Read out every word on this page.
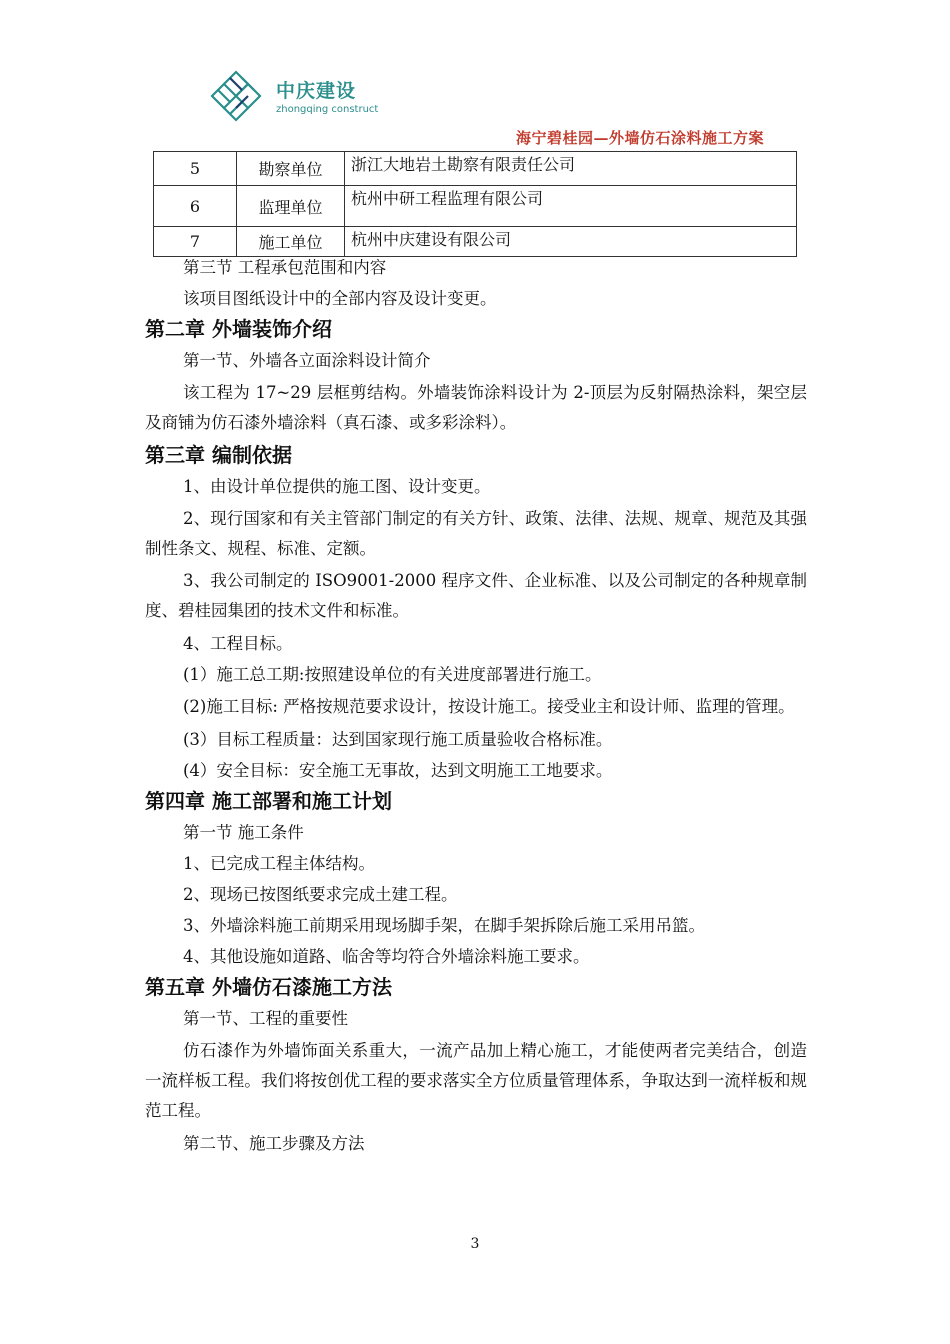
中庆建设
zhongqing construct
海宁碧桂园—外墙仿石涂料施工方案
5	勘察单位	浙江大地岩土勘察有限责任公司
6	监理单位	杭州中研工程监理有限公司
7	施工单位	杭州中庆建设有限公司
第三节 工程承包范围和内容
该项目图纸设计中的全部内容及设计变更。
第二章 外墙装饰介绍
第一节、外墙各立面涂料设计简介
该工程为 17~29 层框剪结构。外墙装饰涂料设计为 2-顶层为反射隔热涂料，架空层及商铺为仿石漆外墙涂料（真石漆、或多彩涂料）。
第三章 编制依据
1、由设计单位提供的施工图、设计变更。
2、现行国家和有关主管部门制定的有关方针、政策、法律、法规、规章、规范及其强制性条文、规程、标准、定额。
3、我公司制定的 ISO9001-2000 程序文件、企业标准、以及公司制定的各种规章制度、碧桂园集团的技术文件和标准。
4、工程目标。
(1）施工总工期:按照建设单位的有关进度部署进行施工。
(2)施工目标: 严格按规范要求设计，按设计施工。接受业主和设计师、监理的管理。
(3）目标工程质量：达到国家现行施工质量验收合格标准。
(4）安全目标：安全施工无事故，达到文明施工工地要求。
第四章 施工部署和施工计划
第一节 施工条件
1、已完成工程主体结构。
2、现场已按图纸要求完成土建工程。
3、外墙涂料施工前期采用现场脚手架，在脚手架拆除后施工采用吊篮。
4、其他设施如道路、临舍等均符合外墙涂料施工要求。
第五章 外墙仿石漆施工方法
第一节、工程的重要性
仿石漆作为外墙饰面关系重大，一流产品加上精心施工，才能使两者完美结合，创造一流样板工程。我们将按创优工程的要求落实全方位质量管理体系，争取达到一流样板和规范工程。
第二节、施工步骤及方法
3
